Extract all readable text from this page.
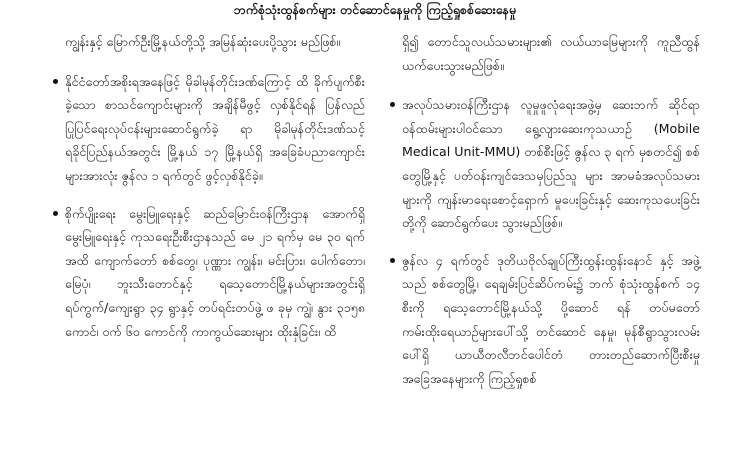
ဘက်စုံသုံးထွန်စက်များ တင်ဆောင်နေမှုကို ကြည့်ရှုစစ်ဆေးနေမှု

ကျွန်းနှင့် မြောက်ဦးမြို့နယ်တို့သို့ အမြန်ဆုံးပေးပို့သွား မည်ဖြစ်။

နိုင်ငံတော်အစိုးရအနေဖြင့် မိုခါမုန်တိုင်းဒဏ်ကြောင့် ထိ ခိုက်ပျက်စီးခဲ့သော စာသင်ကျောင်းများကို အချိန်မီဖွင့် လှစ်နိုင်ရန် ပြန်လည်ပြုပြင်ရေးလုပ်ငန်းများဆောင်ရွက်ခဲ့ ရာ မိုခါမုန်တိုင်းဒဏ်သင့် ရခိုင်ပြည်နယ်အတွင်း မြို့နယ် ၁၇ မြို့နယ်ရှိ အခြေခံပညာကျောင်းများအားလုံး ဇွန်လ ၁ ရက်တွင် ဖွင့်လှစ်နိုင်ခဲ့။
စိုက်ပျိုးရေး မွေးမြူရေးနှင့် ဆည်မြောင်းဝန်ကြီးဌာန အောက်ရှိ မွေးမြူရေးနှင့် ကုသရေးဦးစီးဌာနသည် မေ ၂၁ ရက်မှ မေ ၃၀ ရက်အထိ ကျောက်တော် စစ်တွေ၊ ပုဏ္ဏား ကျွန်း၊ မင်းပြား၊ ပေါက်တော၊ မြေပုံ၊ ဘူးသီးတောင်နှင့် ရသေ့တောင်မြို့နယ်များအတွင်းရှိ ရပ်ကွက်/ကျေးရွာ ၃၄ ရွာနှင့် တပ်ရင်းတပ်ဖွဲ့ ဖ ခုမှ ကျွဲ၊ နွား ၃၁၅၈ ကောင်၊ ဝက် ၆၀ ကောင်ကို ကာကွယ်ဆေးများ ထိုးနှံခြင်း၊ ထိ

ရှိ၍ တောင်သူလယ်သမားများ၏ လယ်ယာမြေများကို ကူညီထွန်ယက်ပေးသွားမည်ဖြစ်။

အလုပ်သမားဝန်ကြီးဌာန လူမှုဖူလုံရေးအဖွဲ့မှ ဆေးဘက် ဆိုင်ရာဝန်ထမ်းများပါဝင်သော ရွေ့လျားဆေးကုသယာဉ် (Mobile Medical Unit-MMU) တစ်စီးဖြင့် ဇွန်လ ၃ ရက် မှစတင်၍ စစ်တွေမြို့နှင့် ပတ်ဝန်းကျင်ဒေသမှပြည်သူ များ အာမခံအလုပ်သမားများကို ကျန်းမာရေးစောင့်ရှောက် မှုပေးခြင်းနှင့် ဆေးကုသပေးခြင်းတို့ကို ဆောင်ရွက်ပေး သွားမည်ဖြစ်။
ဇွန်လ ၄ ရက်တွင် ဒုတိယဗိုလ်ချုပ်ကြီးထွန်းထွန်းနောင် နှင့် အဖွဲ့သည် စစ်တွေမြို့၊ ရေချမ်းပြင်ဆိပ်ကမ်း၌ ဘက် စုံသုံးထွန်စက် ၁၄ စီးကို ရသေ့တောင်မြို့နယ်သို့ ပို့ဆောင် ရန် တပ်မတော်ကမ်းထိုးရေယာဉ်များပေါ်သို့ တင်ဆောင် နေမှု၊ မုန်စီရွာသွားလမ်းပေါ်ရှိ ယာယီတလီဘင်ပေါင်တံ တားတည်ဆောက်ပြီးစီးမှုအခြေအနေများကို ကြည့်ရှုစစ်
